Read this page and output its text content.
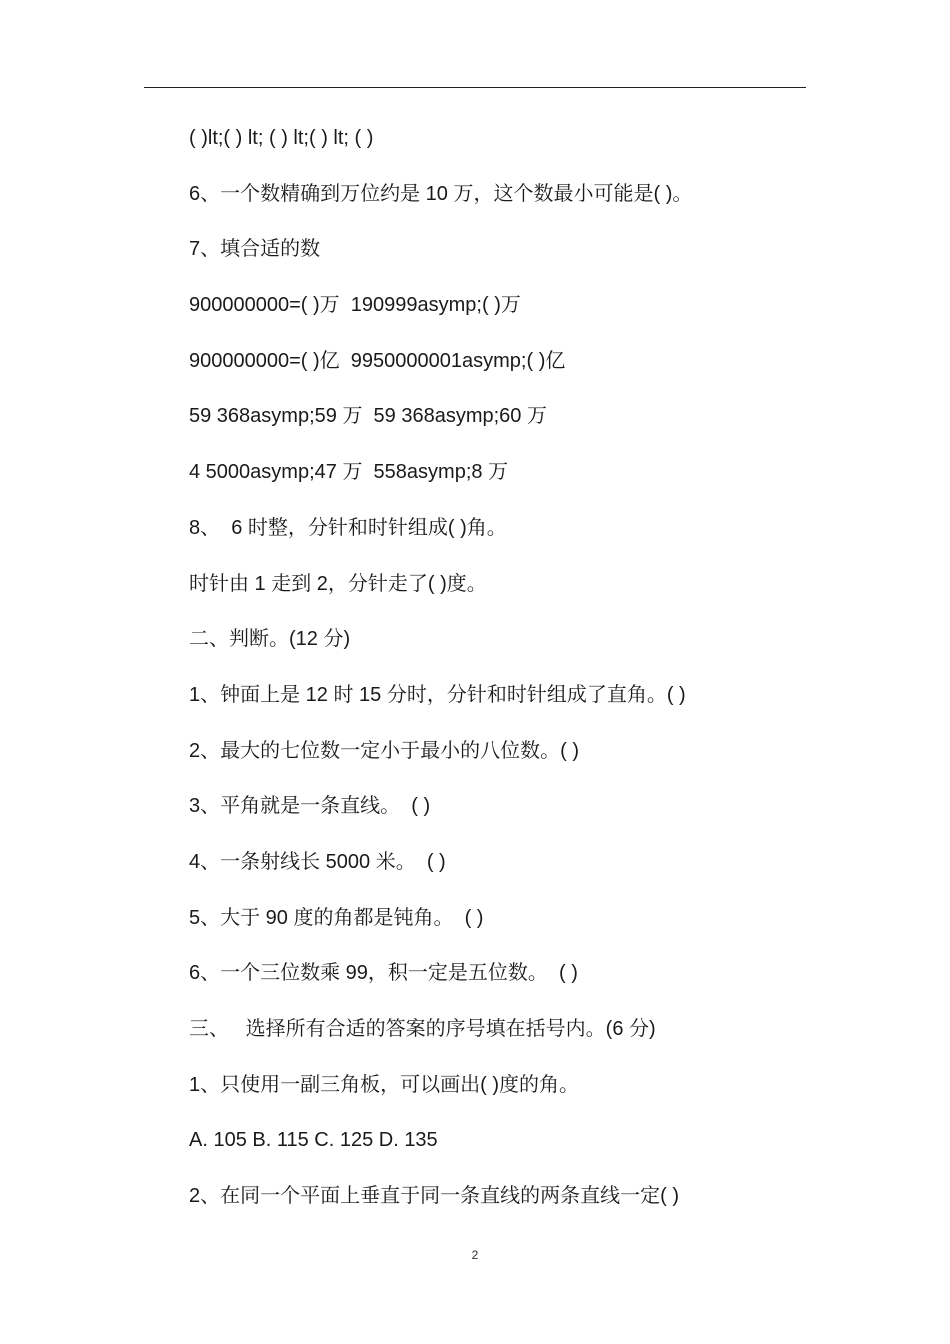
( )lt;( ) lt; ( ) lt;( ) lt; ( )
6、一个数精确到万位约是 10 万，这个数最小可能是( )。
7、填合适的数
900000000=( )万  190999asymp;( )万
900000000=( )亿  9950000001asymp;( )亿
59 368asymp;59 万  59 368asymp;60 万
4 5000asymp;47 万  558asymp;8 万
8、  6 时整，分针和时针组成( )角。
时针由 1 走到 2，分针走了( )度。
二、判断。(12 分)
1、钟面上是 12 时 15 分时，分针和时针组成了直角。( )
2、最大的七位数一定小于最小的八位数。( )
3、平角就是一条直线。  ( )
4、一条射线长 5000 米。  ( )
5、大于 90 度的角都是钝角。  ( )
6、一个三位数乘 99，积一定是五位数。  ( )
三、   选择所有合适的答案的序号填在括号内。(6 分)
1、只使用一副三角板，可以画出( )度的角。
A. 105 B. 115 C. 125 D. 135
2、在同一个平面上垂直于同一条直线的两条直线一定( )
2
